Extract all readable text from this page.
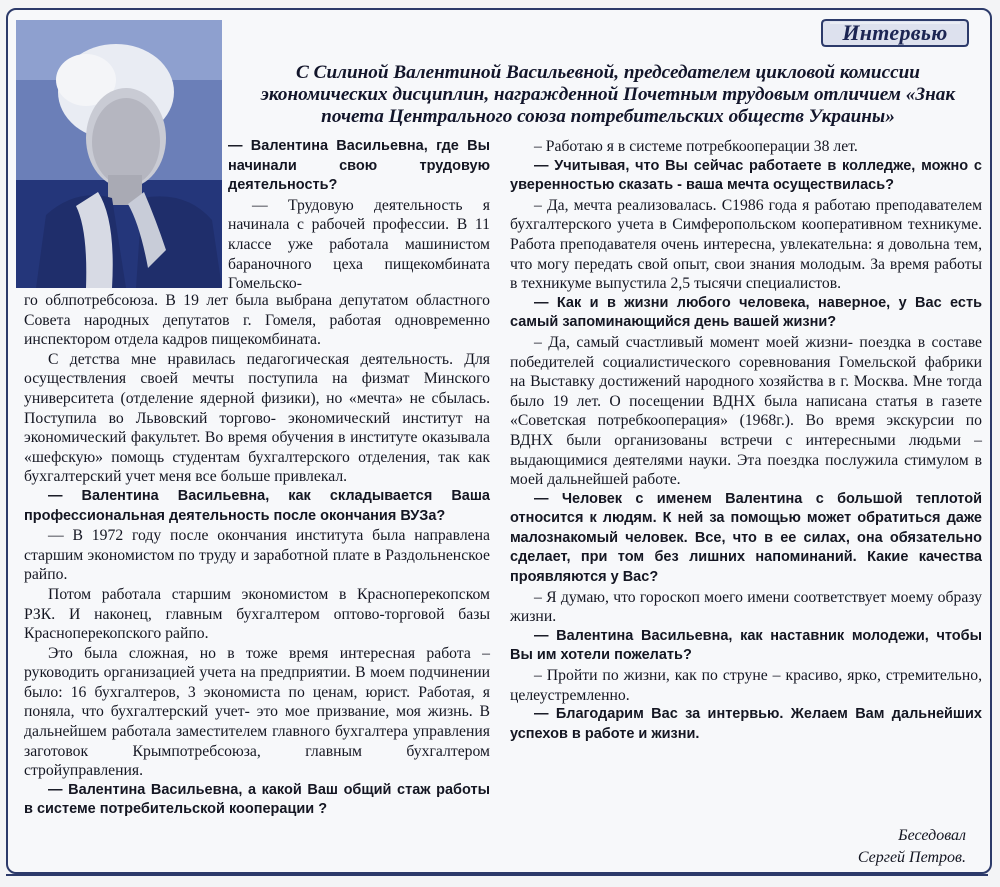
Интервью
С Силиной Валентиной Васильевной, председателем цикловой комиссии экономических дисциплин, награжденной Почетным трудовым отличием «Знак почета Центрального союза потребительских обществ Украины»

— Валентина Васильевна, где Вы начинали свою трудовую деятельность?

— Трудовую деятельность я начинала с рабочей профессии. В 11 классе уже работала машинистом бараночного цеха пищекомбината Гомельско-

го облпотребсоюза. В 19 лет была выбрана депутатом областного Совета народных депутатов г. Гомеля, работая одновременно инспектором отдела кадров пищекомбината.

С детства мне нравилась педагогическая деятельность. Для осуществления своей мечты поступила на физмат Минского университета (отделение ядерной физики), но «мечта» не сбылась. Поступила во Львовский торгово- экономический институт на экономический факультет. Во время обучения в институте оказывала «шефскую» помощь студентам бухгалтерского отделения, так как бухгалтерский учет меня все больше привлекал.

— Валентина Васильевна, как складывается Ваша профессиональная деятельность после окончания ВУЗа?

— В 1972 году после окончания института была направлена старшим экономистом по труду и заработной плате в Раздольненское райпо.

Потом работала старшим экономистом в Красноперекопском РЗК. И наконец, главным бухгалтером оптово-торговой базы Красноперекопского райпо.

Это была сложная, но в тоже время интересная работа – руководить организацией учета на предприятии. В моем подчинении было: 16 бухгалтеров, 3 экономиста по ценам, юрист. Работая, я поняла, что бухгалтерский учет- это мое призвание, моя жизнь. В дальнейшем работала заместителем главного бухгалтера управления заготовок Крымпотребсоюза, главным бухгалтером стройуправления.

— Валентина Васильевна, а какой Ваш общий стаж работы в системе потребительской кооперации ?

– Работаю я в системе потребкооперации 38 лет.

— Учитывая, что Вы сейчас работаете в колледже, можно с уверенностью сказать - ваша мечта осуществилась?

– Да, мечта реализовалась. С1986 года я работаю преподавателем бухгалтерского учета в Симферопольском кооперативном техникуме. Работа преподавателя очень интересна, увлекательна: я довольна тем, что могу передать свой опыт, свои знания молодым. За время работы в техникуме выпустила 2,5 тысячи специалистов.

— Как и в жизни любого человека, наверное, у Вас есть самый запоминающийся день вашей жизни?

– Да, самый счастливый момент моей жизни- поездка в составе победителей социалистического соревнования Гомельской фабрики на Выставку достижений народного хозяйства в г. Москва. Мне тогда было 19 лет. О посещении ВДНХ была написана статья в газете «Советская потребкооперация» (1968г.). Во время экскурсии по ВДНХ были организованы встречи с интересными людьми – выдающимися деятелями науки. Эта поездка послужила стимулом в моей дальнейшей работе.

— Человек с именем Валентина с большой теплотой относится к людям. К ней за помощью может обратиться даже малознакомый человек. Все, что в ее силах, она обязательно сделает, при том без лишних напоминаний. Какие качества проявляются у Вас?

– Я думаю, что гороскоп моего имени соответствует моему образу жизни.

— Валентина Васильевна, как наставник молодежи, чтобы Вы им хотели пожелать?

– Пройти по жизни, как по струне – красиво, ярко, стремительно, целеустремленно.

— Благодарим Вас за интервью. Желаем Вам дальнейших успехов в работе и жизни.

Беседовал
Сергей Петров.
